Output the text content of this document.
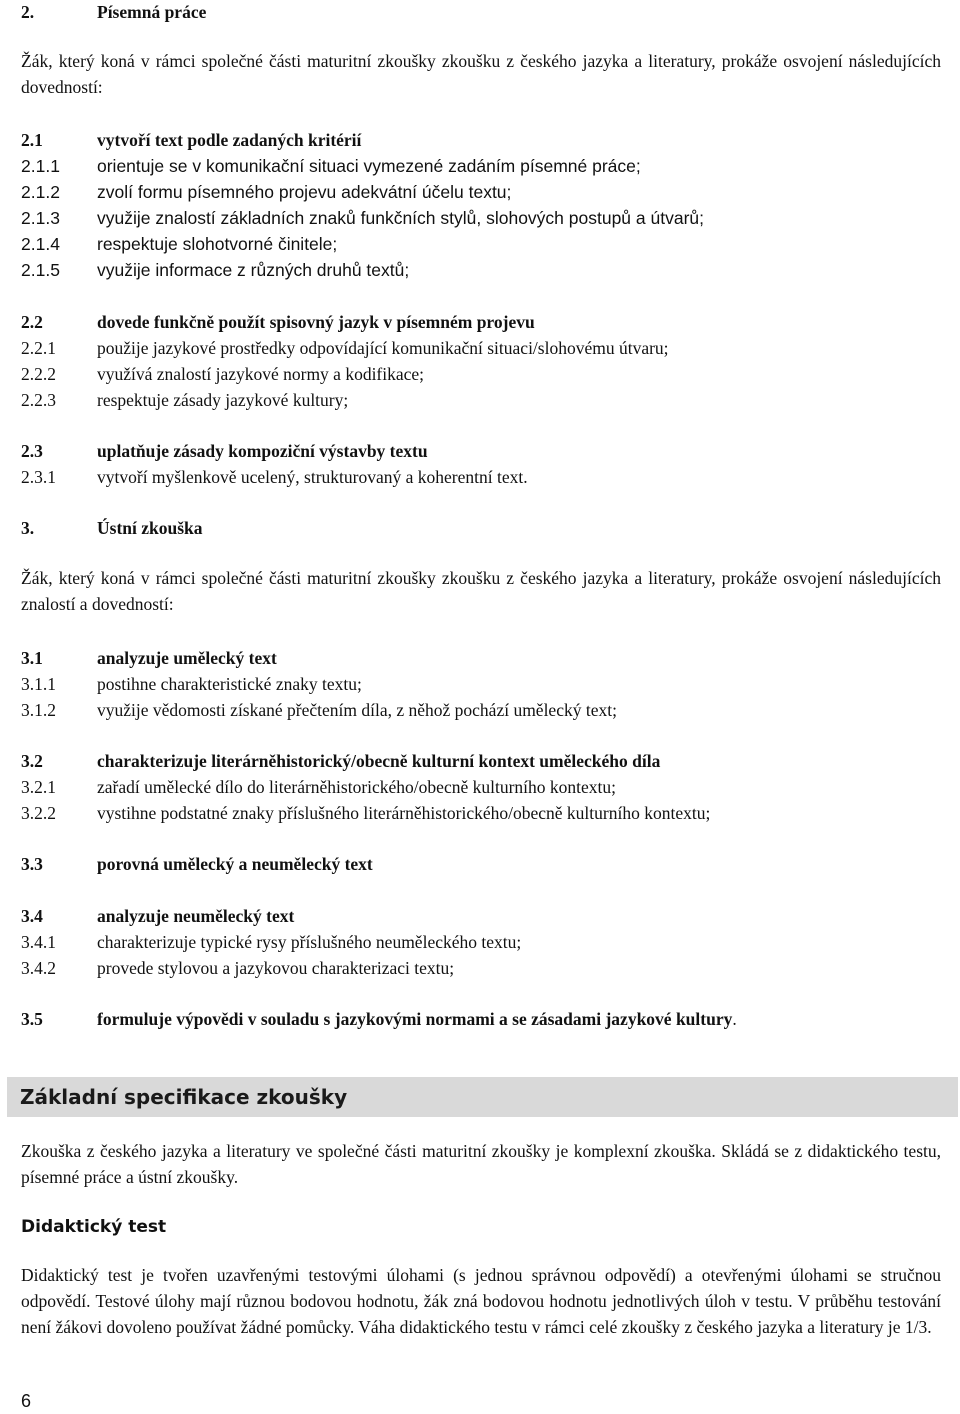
2.	Písemná práce
Žák, který koná v rámci společné části maturitní zkoušky zkoušku z českého jazyka a literatury, prokáže osvojení následujících dovedností:
2.1	vytvoří text podle zadaných kritérií
2.1.1 orientuje se v komunikační situaci vymezené zadáním písemné práce;
2.1.2 zvolí formu písemného projevu adekvátní účelu textu;
2.1.3 využije znalostí základních znaků funkčních stylů, slohových postupů a útvarů;
2.1.4 respektuje slohotvorné činitele;
2.1.5 využije informace z různých druhů textů;
2.2	dovede funkčně použít spisovný jazyk v písemném projevu
2.2.1 použije jazykové prostředky odpovídající komunikační situaci/slohovému útvaru;
2.2.2 využívá znalostí jazykové normy a kodifikace;
2.2.3 respektuje zásady jazykové kultury;
2.3	uplatňuje zásady kompoziční výstavby textu
2.3.1 vytvoří myšlenkově ucelený, strukturovaný a koherentní text.
3.	Ústní zkouška
Žák, který koná v rámci společné části maturitní zkoušky zkoušku z českého jazyka a literatury, prokáže osvojení následujících znalostí a dovedností:
3.1	analyzuje umělecký text
3.1.1 postihne charakteristické znaky textu;
3.1.2 využije vědomosti získané přečtením díla, z něhož pochází umělecký text;
3.2	charakterizuje literárněhistorický/obecně kulturní kontext uměleckého díla
3.2.1 zařadí umělecké dílo do literárněhistorického/obecně kulturního kontextu;
3.2.2 vystihne podstatné znaky příslušného literárněhistorického/obecně kulturního kontextu;
3.3	porovná umělecký a neumělecký text
3.4	analyzuje neumělecký text
3.4.1 charakterizuje typické rysy příslušného neuměleckého textu;
3.4.2 provede stylovou a jazykovou charakterizaci textu;
3.5	formuluje výpovědi v souladu s jazykovými normami a se zásadami jazykové kultury.
Základní specifikace zkoušky
Zkouška z českého jazyka a literatury ve společné části maturitní zkoušky je komplexní zkouška. Skládá se z didaktického testu, písemné práce a ústní zkoušky.
Didaktický test
Didaktický test je tvořen uzavřenými testovými úlohami (s jednou správnou odpovědí) a otevřenými úlohami se stručnou odpovědí. Testové úlohy mají různou bodovou hodnotu, žák zná bodovou hodnotu jednotlivých úloh v testu. V průběhu testování není žákovi dovoleno používat žádné pomůcky. Váha didaktického testu v rámci celé zkoušky z českého jazyka a literatury je 1/3.
6
